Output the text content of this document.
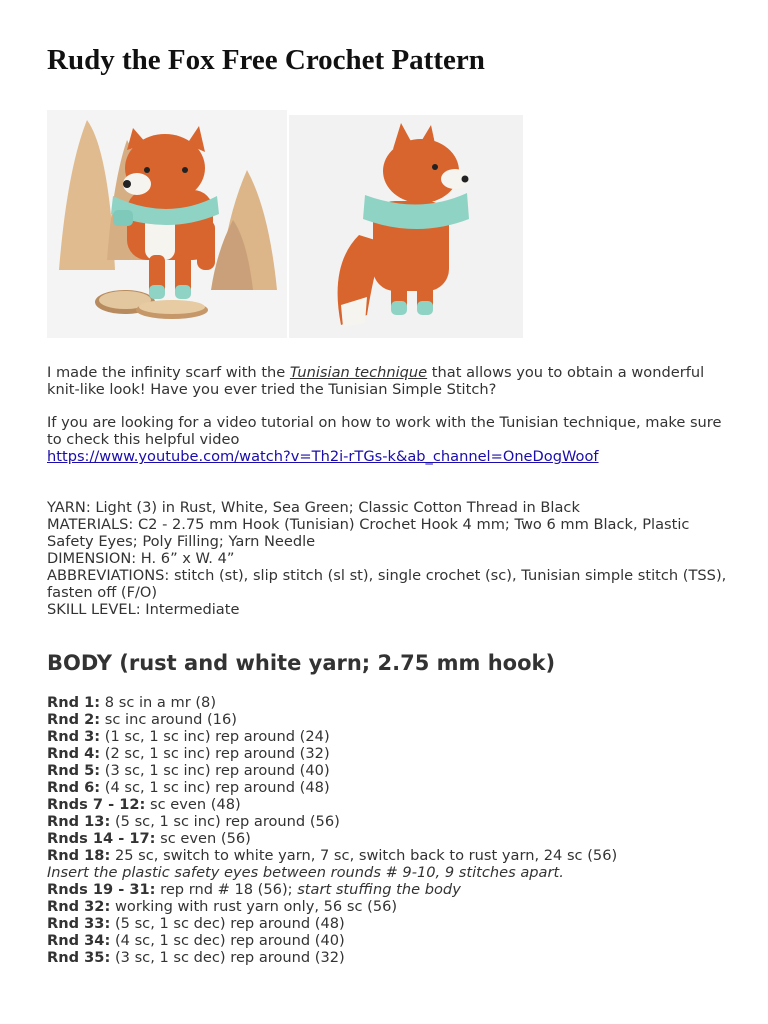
Rudy the Fox Free Crochet Pattern

I made the infinity scarf with the Tunisian technique that allows you to obtain a wonderful knit-like look! Have you ever tried the Tunisian Simple Stitch?

If you are looking for a video tutorial on how to work with the Tunisian technique, make sure to check this helpful video
https://www.youtube.com/watch?v=Th2i-rTGs-k&ab_channel=OneDogWoof

YARN: Light (3) in Rust, White, Sea Green; Classic Cotton Thread in Black

MATERIALS: C2 - 2.75 mm Hook (Tunisian) Crochet Hook 4 mm; Two 6 mm Black, Plastic Safety Eyes; Poly Filling; Yarn Needle

DIMENSION: H. 6” x W. 4”

ABBREVIATIONS: stitch (st), slip stitch (sl st), single crochet (sc), Tunisian simple stitch (TSS), fasten off (F/O)

SKILL LEVEL: Intermediate

BODY (rust and white yarn; 2.75 mm hook)
Rnd 1: 8 sc in a mr (8)
Rnd 2: sc inc around (16)
Rnd 3: (1 sc, 1 sc inc) rep around (24)
Rnd 4: (2 sc, 1 sc inc) rep around (32)
Rnd 5: (3 sc, 1 sc inc) rep around (40)
Rnd 6: (4 sc, 1 sc inc) rep around (48)
Rnds 7 - 12: sc even (48)
Rnd 13: (5 sc, 1 sc inc) rep around (56)
Rnds 14 - 17: sc even (56)
Rnd 18: 25 sc, switch to white yarn, 7 sc, switch back to rust yarn, 24 sc (56)
Insert the plastic safety eyes between rounds # 9-10, 9 stitches apart.
Rnds 19 - 31: rep rnd # 18 (56); start stuffing the body
Rnd 32: working with rust yarn only, 56 sc (56)
Rnd 33: (5 sc, 1 sc dec) rep around (48)
Rnd 34: (4 sc, 1 sc dec) rep around (40)
Rnd 35: (3 sc, 1 sc dec) rep around (32)
